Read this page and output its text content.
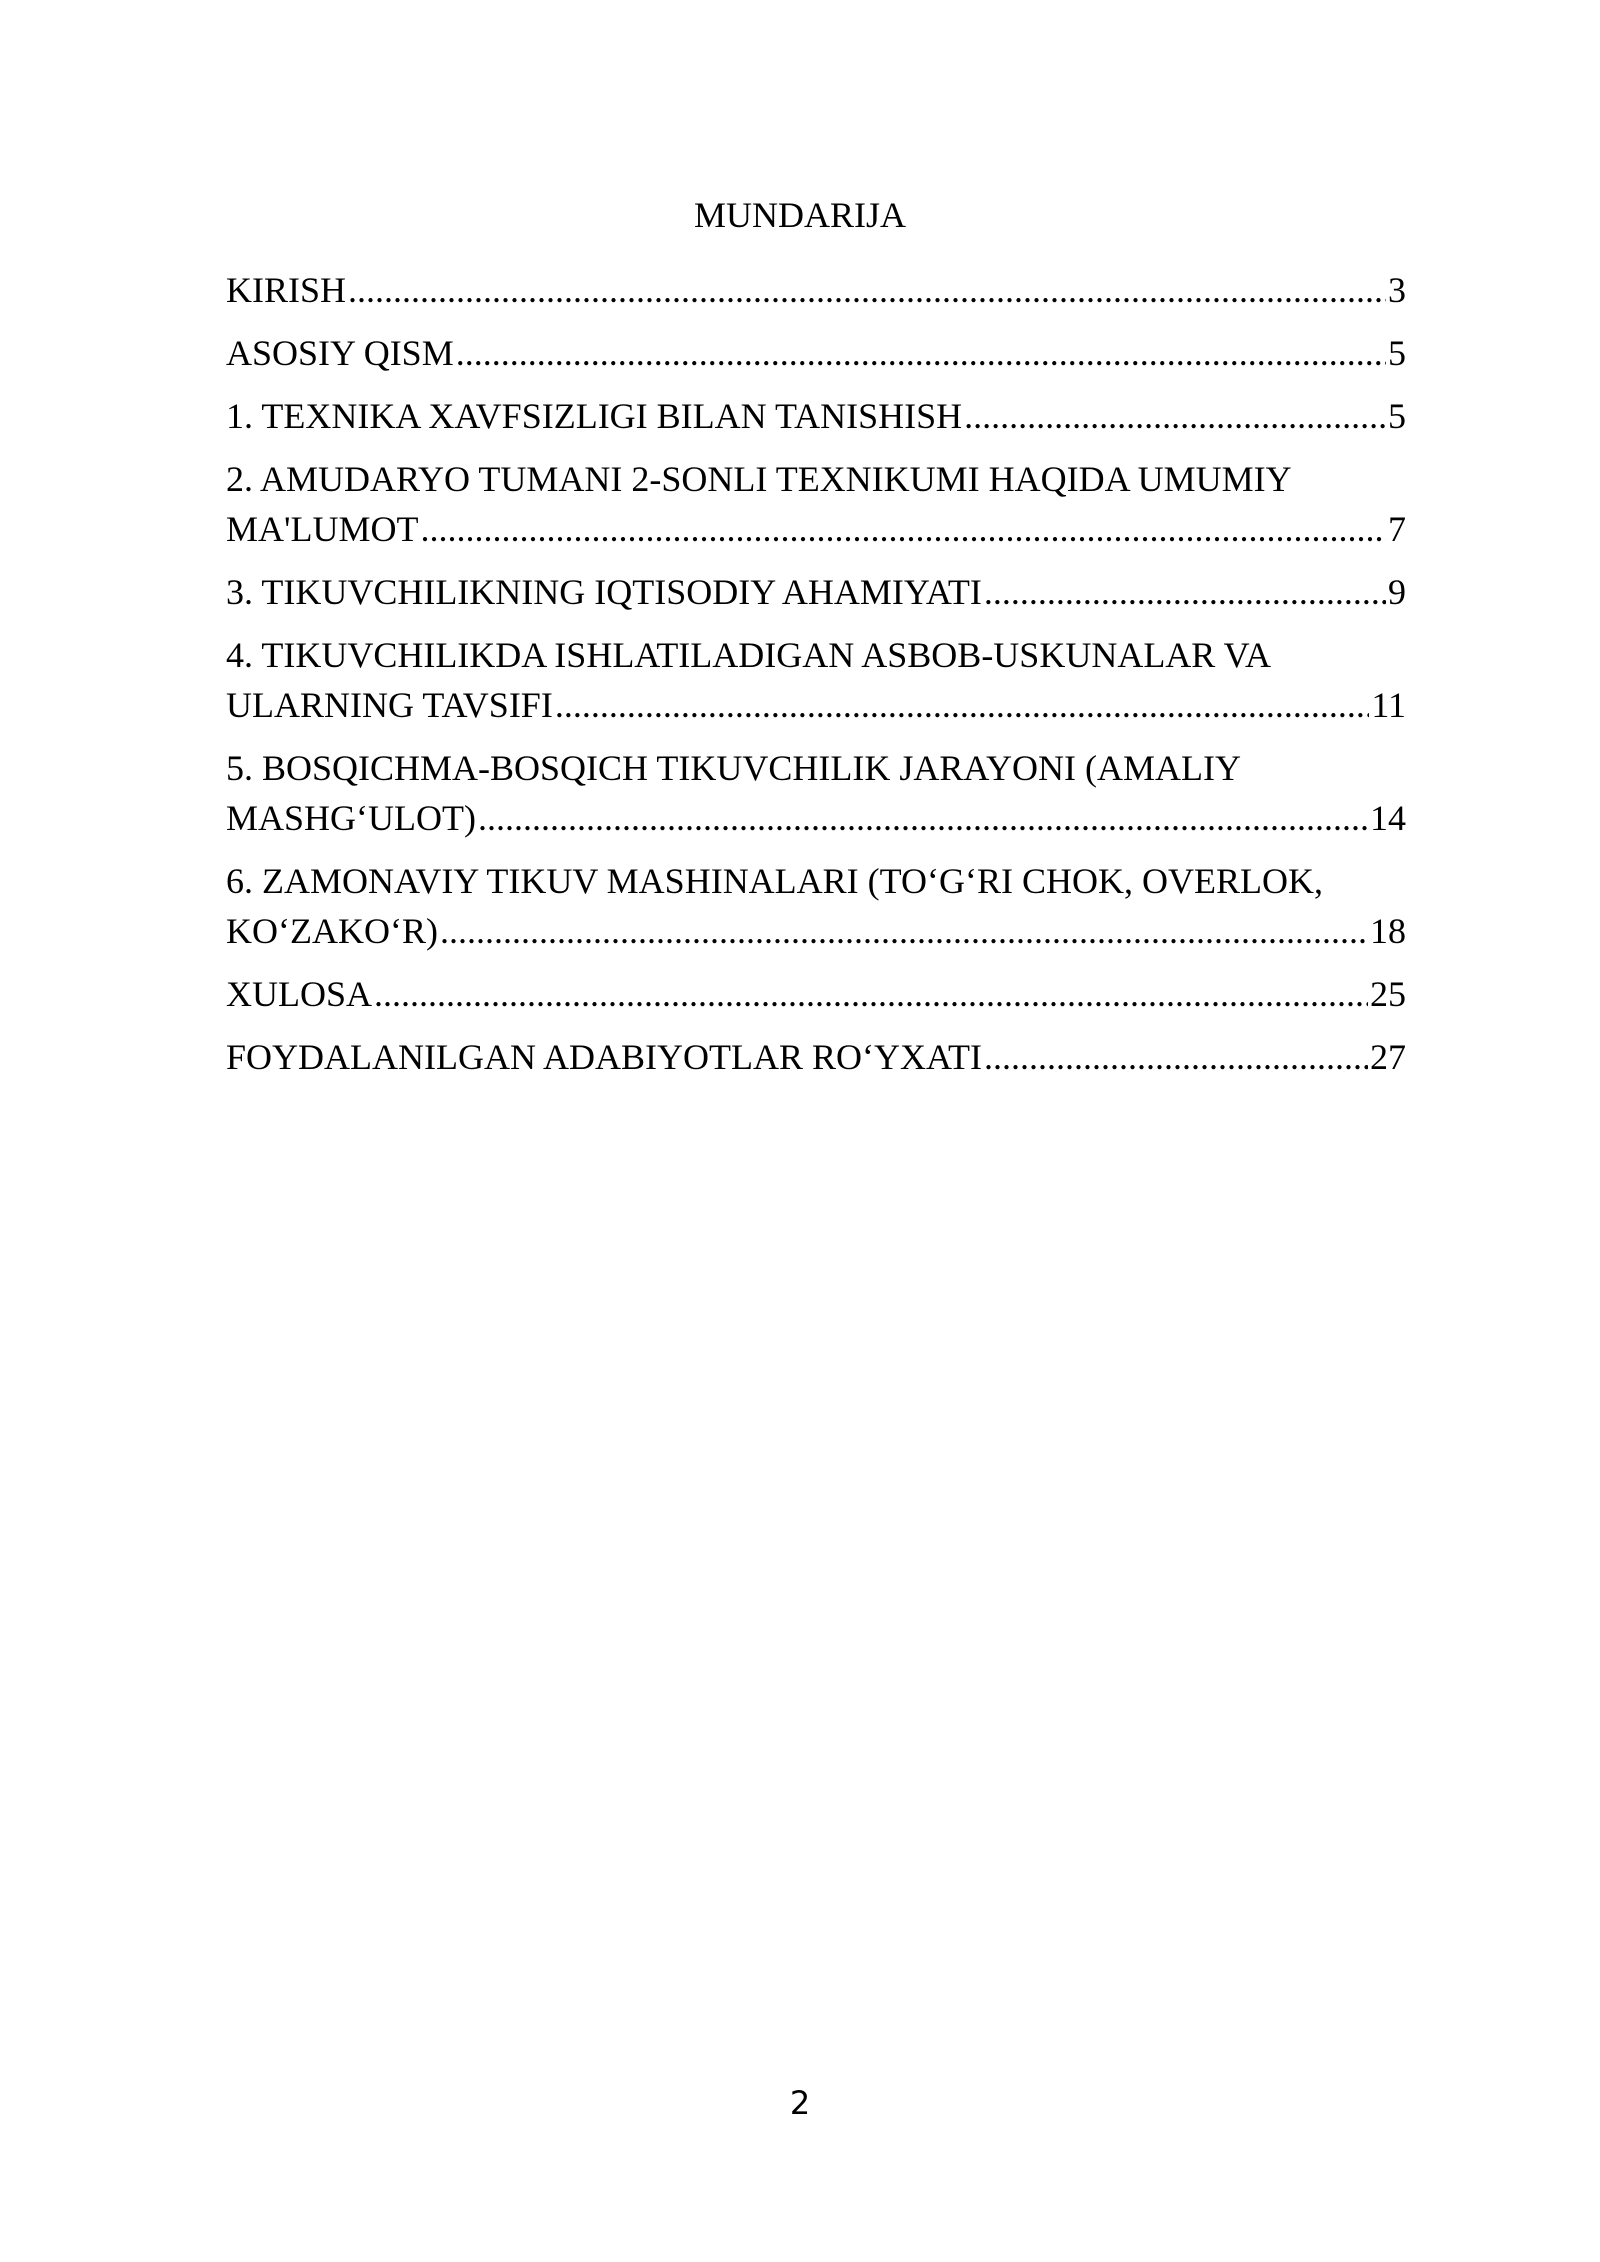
MUNDARIJA
KIRISH .....	3
ASOSIY QISM .....	5
1. TEXNIKA XAVFSIZLIGI BILAN TANISHISH .....	5
2. AMUDARYO TUMANI 2-SONLI TEXNIKUMI HAQIDA UMUMIY
MA'LUMOT .....	7
3. TIKUVCHILIKNING IQTISODIY AHAMIYATI .....	9
4. TIKUVCHILIKDA ISHLATILADIGAN ASBOB-USKUNALAR VA
ULARNING TAVSIFI .....	11
5. BOSQICHMA-BOSQICH TIKUVCHILIK JARAYONI (AMALIY
MASHG‘ULOT) .....	14
6. ZAMONAVIY TIKUV MASHINALARI (TO‘G‘RI CHOK, OVERLOK,
KO‘ZAKO‘R) .....	18
XULOSA .....	25
FOYDALANILGAN ADABIYOTLAR RO‘YXATI .....	27
2
